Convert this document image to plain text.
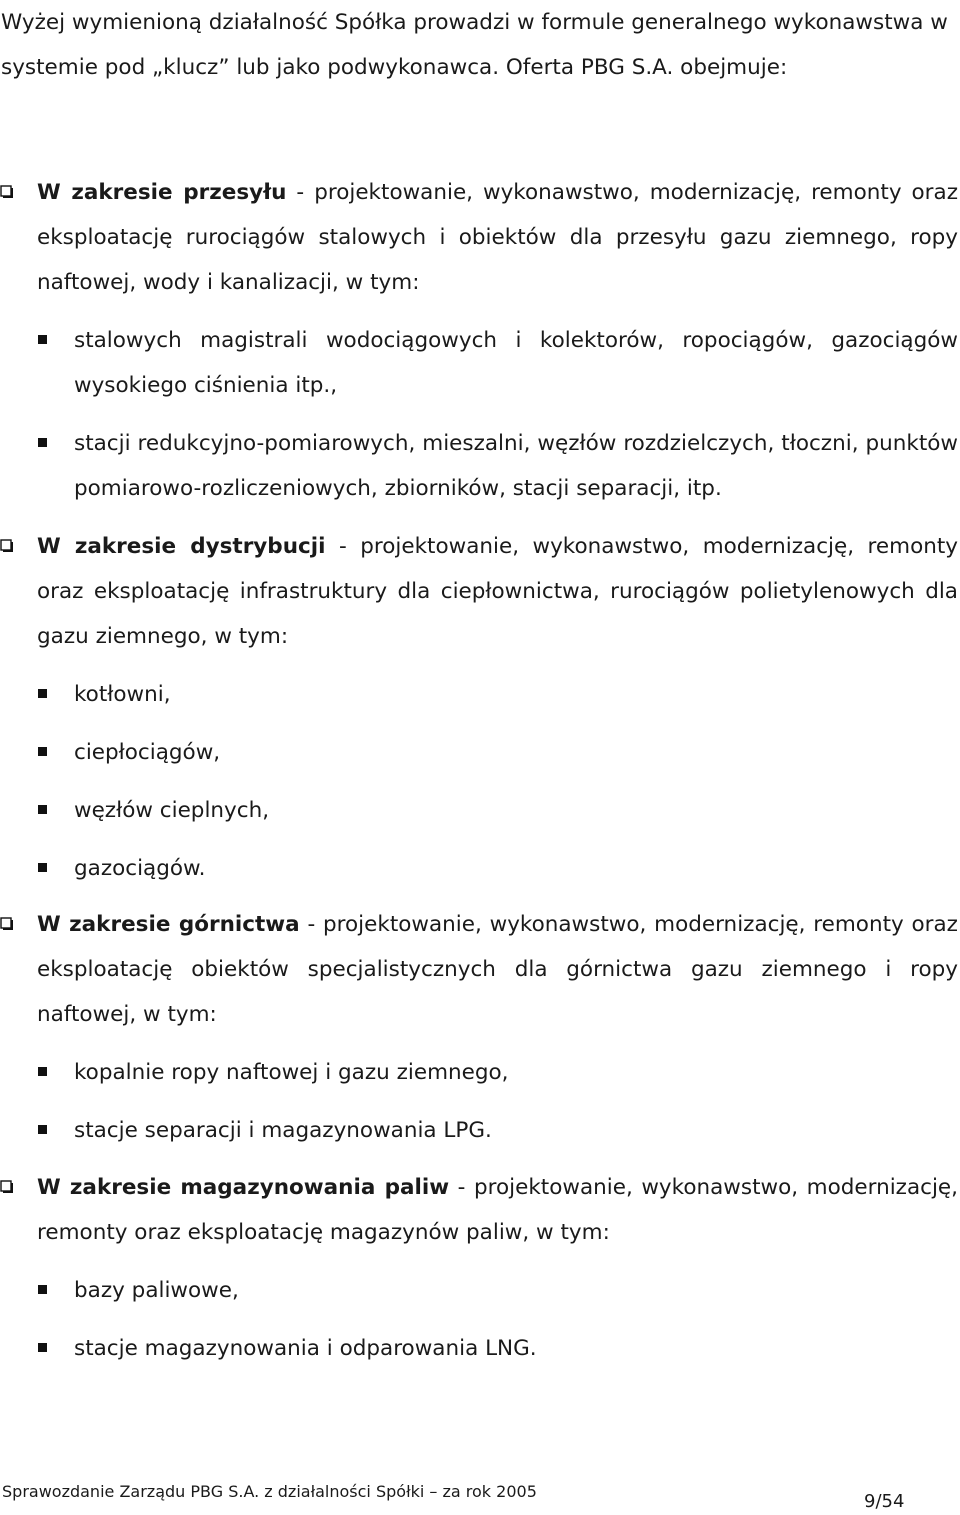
Wyżej wymienioną działalność Spółka prowadzi w formule generalnego wykonawstwa w systemie pod „klucz” lub jako podwykonawca. Oferta PBG S.A. obejmuje:

W zakresie przesyłu - projektowanie, wykonawstwo, modernizację, remonty oraz eksploatację rurociągów stalowych i obiektów dla przesyłu gazu ziemnego, ropy naftowej, wody i kanalizacji, w tym:
stalowych magistrali wodociągowych i kolektorów, ropociągów, gazociągów wysokiego ciśnienia itp.,
stacji redukcyjno-pomiarowych, mieszalni, węzłów rozdzielczych, tłoczni, punktów pomiarowo-rozliczeniowych, zbiorników, stacji separacji, itp.
W zakresie dystrybucji - projektowanie, wykonawstwo, modernizację, remonty oraz eksploatację infrastruktury dla ciepłownictwa, rurociągów polietylenowych dla gazu ziemnego, w tym:
kotłowni,
ciepłociągów,
węzłów cieplnych,
gazociągów.
W zakresie górnictwa - projektowanie, wykonawstwo, modernizację, remonty oraz eksploatację obiektów specjalistycznych dla górnictwa gazu ziemnego i ropy naftowej, w tym:
kopalnie ropy naftowej i gazu ziemnego,
stacje separacji i magazynowania LPG.
W zakresie magazynowania paliw - projektowanie, wykonawstwo, modernizację, remonty oraz eksploatację magazynów paliw, w tym:
bazy paliwowe,
stacje magazynowania i odparowania LNG.
Sprawozdanie Zarządu PBG S.A. z działalności Spółki – za rok 2005	9/54
